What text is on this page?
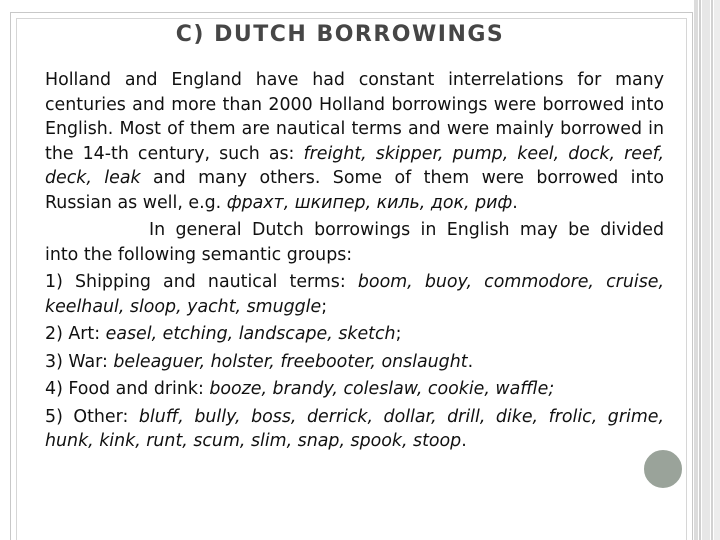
C) DUTCH BORROWINGS

Holland and England have had constant interrelations for many centuries and more than 2000 Holland borrowings were borrowed into English. Most of them are nautical terms and were mainly borrowed in the 14-th century, such as: freight, skipper, pump, keel, dock, reef, deck, leak and many others. Some of them were borrowed into Russian as well, e.g. фрахт, шкипер, киль, док, риф.

In general Dutch borrowings in English may be divided into the following semantic groups:

1) Shipping and nautical terms: boom, buoy, commodore, cruise, keelhaul, sloop, yacht, smuggle;

2) Art: easel, etching, landscape, sketch;

3) War: beleaguer, holster, freebooter, onslaught.

4) Food and drink: booze, brandy, coleslaw, cookie, waffle;

5) Other: bluff, bully, boss, derrick, dollar, drill, dike, frolic, grime, hunk, kink, runt, scum, slim, snap, spook, stoop.
